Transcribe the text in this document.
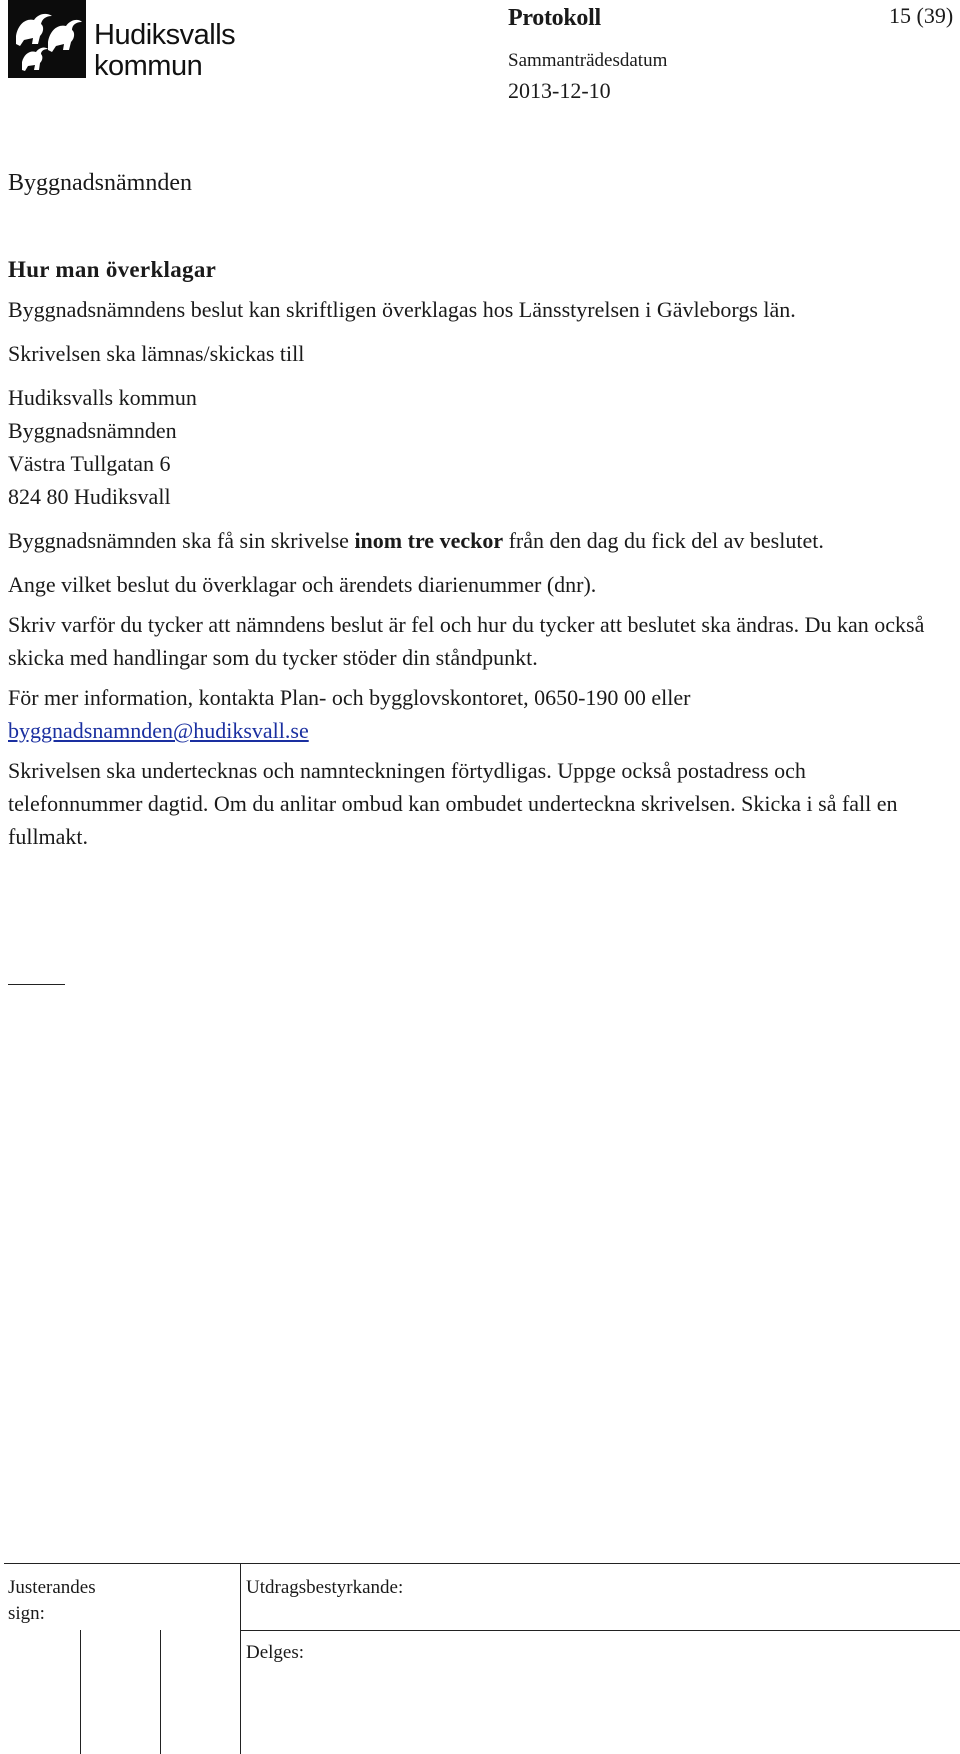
Hudiksvalls
kommun
Protokoll	15 (39)
Sammanträdesdatum
2013-12-10
Byggnadsnämnden
Hur man överklagar

Byggnadsnämndens beslut kan skriftligen överklagas hos Länsstyrelsen i Gävleborgs län.

Skrivelsen ska lämnas/skickas till

Hudiksvalls kommun
Byggnadsnämnden
Västra Tullgatan 6
824 80 Hudiksvall

Byggnadsnämnden ska få sin skrivelse inom tre veckor från den dag du fick del av beslutet.

Ange vilket beslut du överklagar och ärendets diarienummer (dnr).

Skriv varför du tycker att nämndens beslut är fel och hur du tycker att beslutet ska ändras. Du kan också skicka med handlingar som du tycker stöder din ståndpunkt.

För mer information, kontakta Plan- och bygglovskontoret, 0650-190 00 eller
byggnadsnamnden@hudiksvall.se

Skrivelsen ska undertecknas och namnteckningen förtydligas. Uppge också postadress och telefonnummer dagtid. Om du anlitar ombud kan ombudet underteckna skrivelsen. Skicka i så fall en fullmakt.

Justerandes
sign:
Utdragsbestyrkande:
Delges:
